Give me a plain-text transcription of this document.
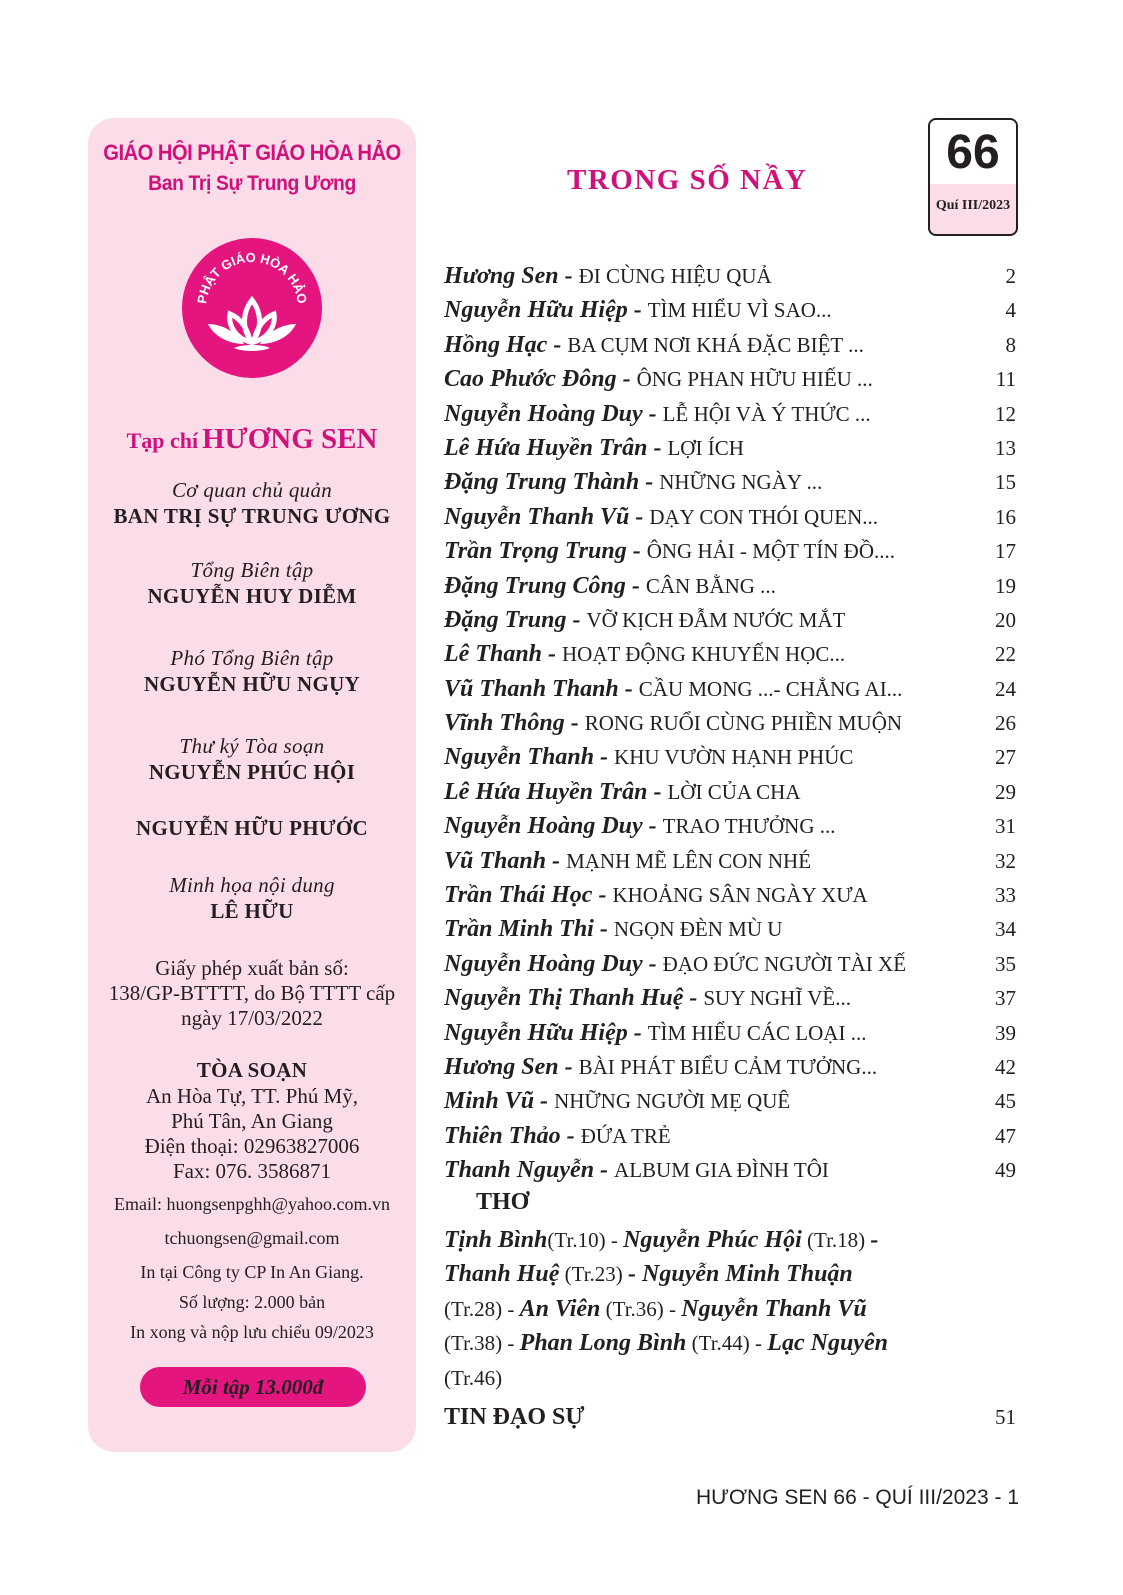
GIÁO HỘI PHẬT GIÁO HÒA HẢO
Ban Trị Sự Trung Ương
PHẬT GIÁO HÒA HẢO
Tạp chí HƯƠNG SEN
Cơ quan chủ quản
BAN TRỊ SỰ TRUNG ƯƠNG
Tổng Biên tập
NGUYỄN HUY DIỄM
Phó Tổng Biên tập
NGUYỄN HỮU NGỤY
Thư ký Tòa soạn
NGUYỄN PHÚC HỘI
NGUYỄN HỮU PHƯỚC
Minh họa nội dung
LÊ HỮU
Giấy phép xuất bản số:
138/GP-BTTTT, do Bộ TTTT cấp
ngày 17/03/2022
TÒA SOẠN
An Hòa Tự, TT. Phú Mỹ,
Phú Tân, An Giang
Điện thoại: 02963827006
Fax: 076. 3586871
Email: huongsenpghh@yahoo.com.vn
tchuongsen@gmail.com
In tại Công ty CP In An Giang.
Số lượng: 2.000 bản
In xong và nộp lưu chiểu 09/2023
Mỗi tập 13.000đ
TRONG SỐ NẦY
66
Quí III/2023
Hương Sen - ĐI CÙNG HIỆU QUẢ	2
Nguyễn Hữu Hiệp - TÌM HIỂU VÌ SAO...	4
Hồng Hạc - BA CỤM NƠI KHÁ ĐẶC BIỆT ...	8
Cao Phước Đông - ÔNG PHAN HỮU HIẾU ...	11
Nguyễn Hoàng Duy - LỄ HỘI VÀ Ý THỨC ...	12
Lê Hứa Huyền Trân - LỢI ÍCH	13
Đặng Trung Thành - NHỮNG NGÀY ...	15
Nguyễn Thanh Vũ - DẠY CON THÓI QUEN...	16
Trần Trọng Trung - ÔNG HẢI - MỘT TÍN ĐỒ....	17
Đặng Trung Công - CÂN BẰNG ...	19
Đặng Trung - VỠ KỊCH ĐẪM NƯỚC MẮT	20
Lê Thanh - HOẠT ĐỘNG KHUYẾN HỌC...	22
Vũ Thanh Thanh - CẦU MONG ...- CHẲNG AI...	24
Vĩnh Thông - RONG RUỔI CÙNG PHIỀN MUỘN	26
Nguyễn Thanh - KHU VƯỜN HẠNH PHÚC	27
Lê Hứa Huyền Trân - LỜI CỦA CHA	29
Nguyễn Hoàng Duy - TRAO THƯỞNG ...	31
Vũ Thanh - MẠNH MẼ LÊN CON NHÉ	32
Trần Thái Học - KHOẢNG SÂN NGÀY XƯA	33
Trần Minh Thi - NGỌN ĐÈN MÙ U	34
Nguyễn Hoàng Duy - ĐẠO ĐỨC NGƯỜI TÀI XẾ	35
Nguyễn Thị Thanh Huệ - SUY NGHĨ VỀ...	37
Nguyễn Hữu Hiệp - TÌM HIỂU CÁC LOẠI ...	39
Hương Sen - BÀI PHÁT BIỂU CẢM TƯỞNG...	42
Minh Vũ - NHỮNG NGƯỜI MẸ QUÊ	45
Thiên Thảo - ĐỨA TRẺ	47
Thanh Nguyễn - ALBUM GIA ĐÌNH TÔI	49
THƠ
Tịnh Bình(Tr.10) - Nguyễn Phúc Hội (Tr.18) -
Thanh Huệ (Tr.23) - Nguyễn Minh Thuận
(Tr.28) - An Viên (Tr.36) - Nguyễn Thanh Vũ
(Tr.38) - Phan Long Bình (Tr.44) - Lạc Nguyên
(Tr.46)
TIN ĐẠO SỰ	51
HƯƠNG SEN 66 - QUÍ III/2023 - 1
